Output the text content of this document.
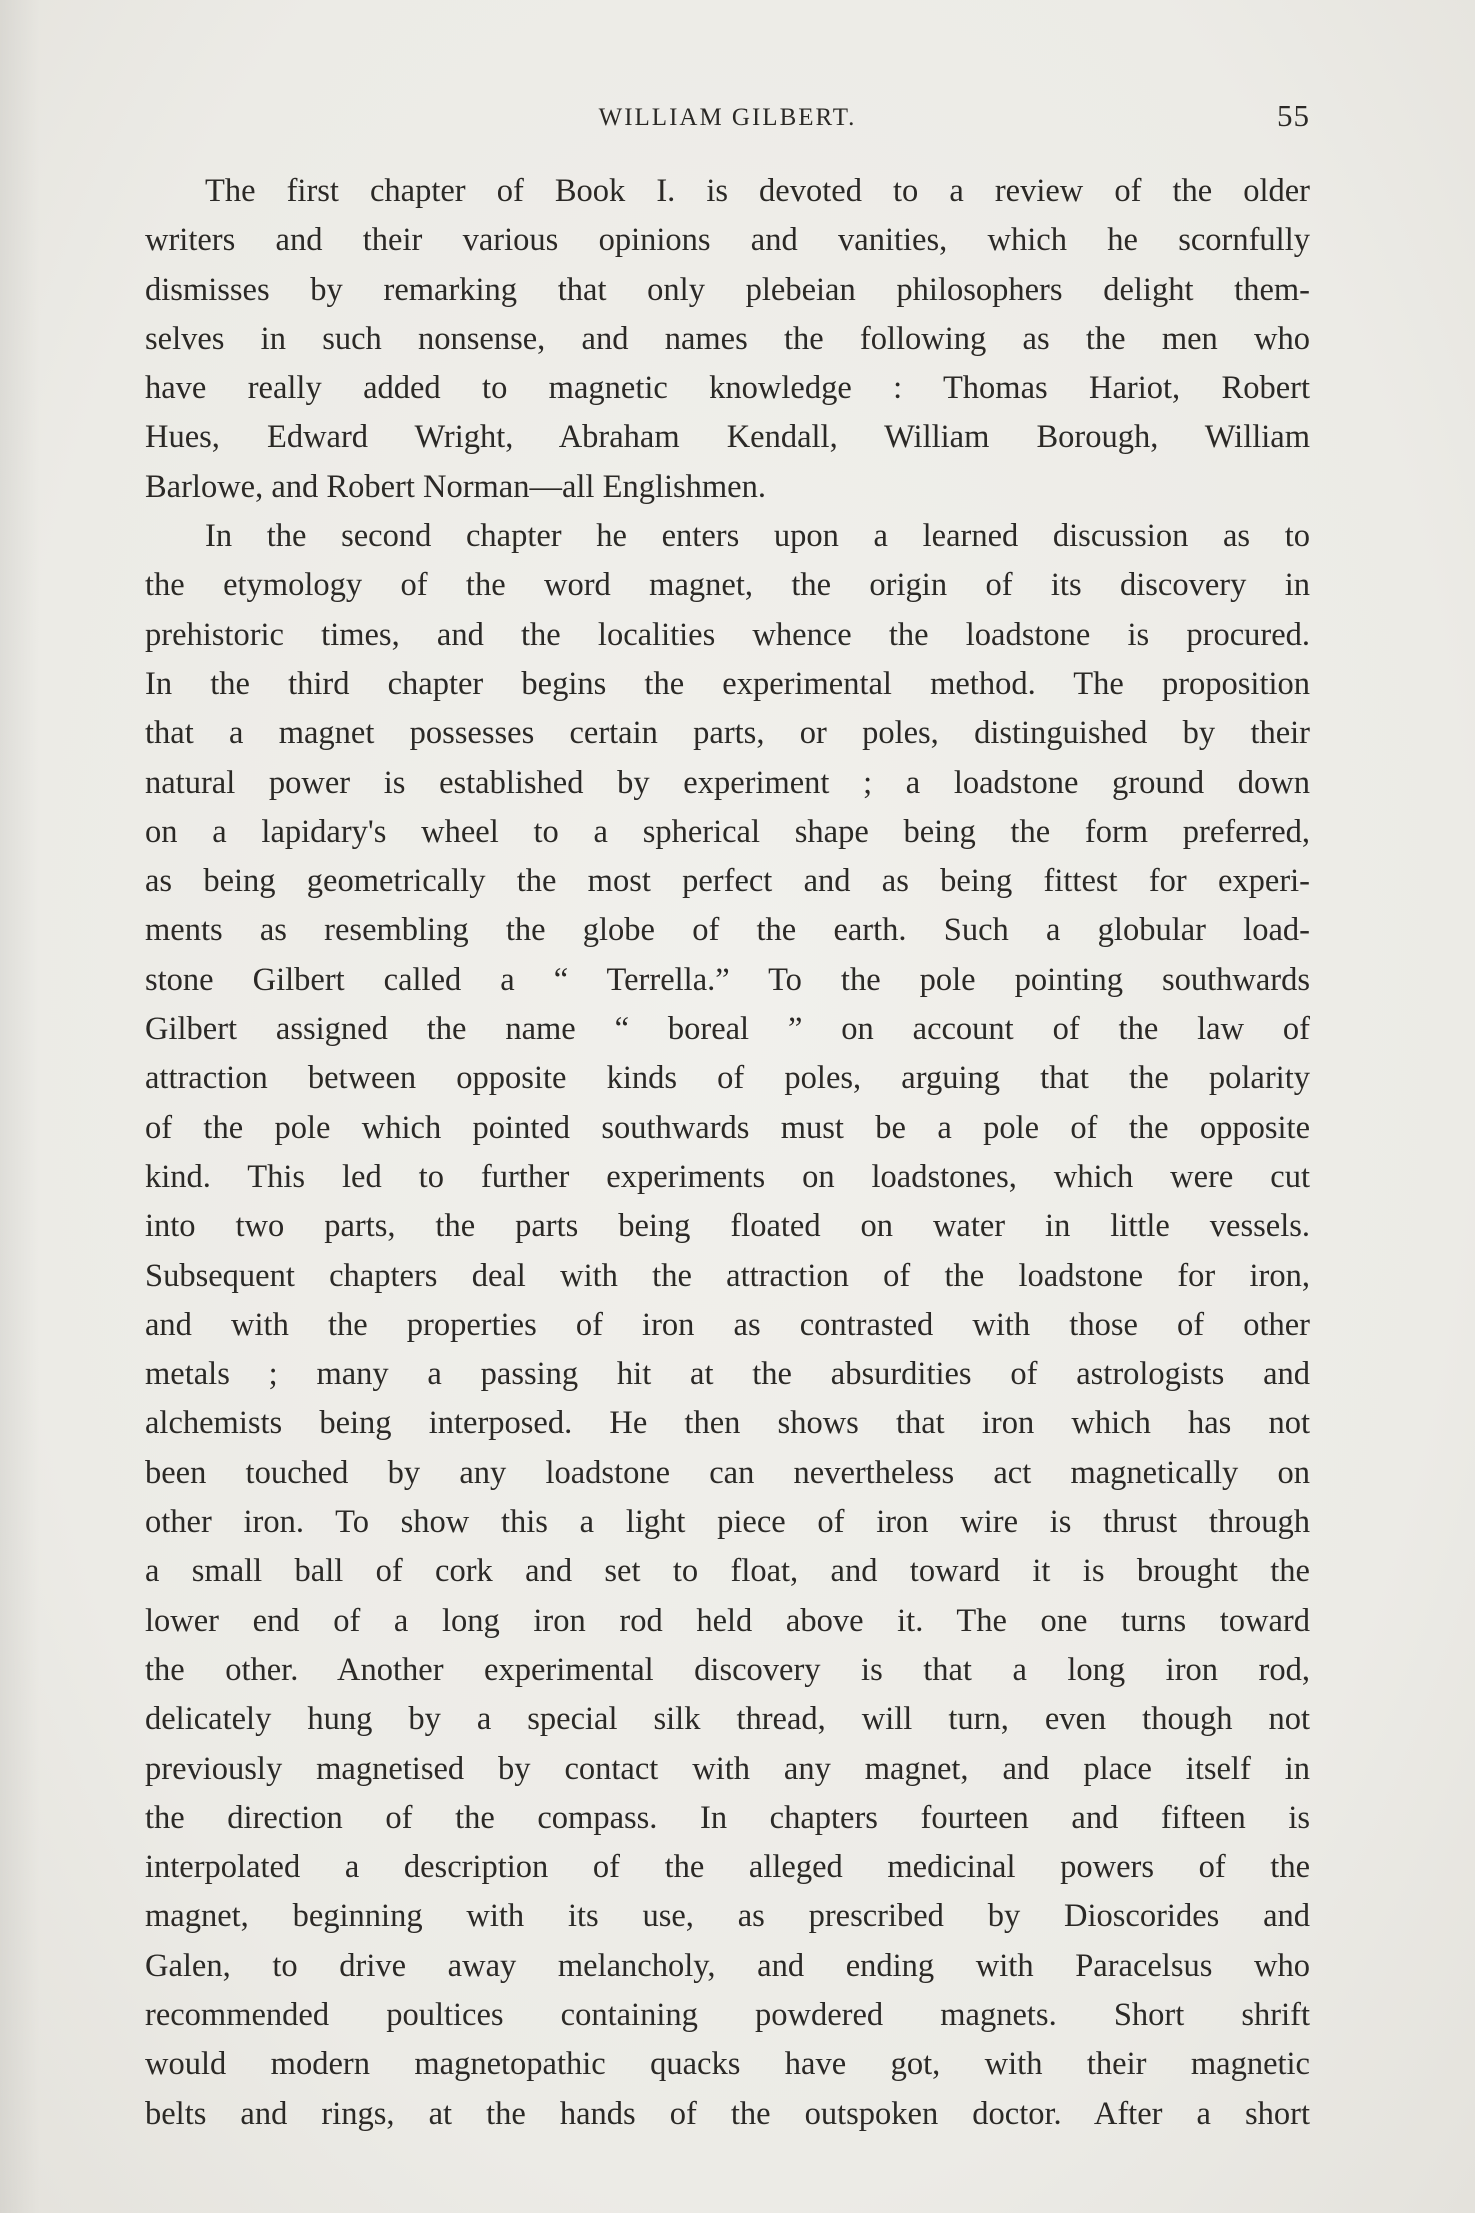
WILLIAM GILBERT.	55
The first chapter of Book I. is devoted to a review of the older
writers and their various opinions and vanities, which he scornfully
dismisses by remarking that only plebeian philosophers delight them-
selves in such nonsense, and names the following as the men who
have really added to magnetic knowledge : Thomas Hariot, Robert
Hues, Edward Wright, Abraham Kendall, William Borough, William
Barlowe, and Robert Norman—all Englishmen.
In the second chapter he enters upon a learned discussion as to
the etymology of the word magnet, the origin of its discovery in
prehistoric times, and the localities whence the loadstone is procured.
In the third chapter begins the experimental method. The proposition
that a magnet possesses certain parts, or poles, distinguished by their
natural power is established by experiment ; a loadstone ground down
on a lapidary's wheel to a spherical shape being the form preferred,
as being geometrically the most perfect and as being fittest for experi-
ments as resembling the globe of the earth. Such a globular load-
stone Gilbert called a “ Terrella.” To the pole pointing southwards
Gilbert assigned the name “ boreal ” on account of the law of
attraction between opposite kinds of poles, arguing that the polarity
of the pole which pointed southwards must be a pole of the opposite
kind. This led to further experiments on loadstones, which were cut
into two parts, the parts being floated on water in little vessels.
Subsequent chapters deal with the attraction of the loadstone for iron,
and with the properties of iron as contrasted with those of other
metals ; many a passing hit at the absurdities of astrologists and
alchemists being interposed. He then shows that iron which has not
been touched by any loadstone can nevertheless act magnetically on
other iron. To show this a light piece of iron wire is thrust through
a small ball of cork and set to float, and toward it is brought the
lower end of a long iron rod held above it. The one turns toward
the other. Another experimental discovery is that a long iron rod,
delicately hung by a special silk thread, will turn, even though not
previously magnetised by contact with any magnet, and place itself in
the direction of the compass. In chapters fourteen and fifteen is
interpolated a description of the alleged medicinal powers of the
magnet, beginning with its use, as prescribed by Dioscorides and
Galen, to drive away melancholy, and ending with Paracelsus who
recommended poultices containing powdered magnets. Short shrift
would modern magnetopathic quacks have got, with their magnetic
belts and rings, at the hands of the outspoken doctor. After a short
